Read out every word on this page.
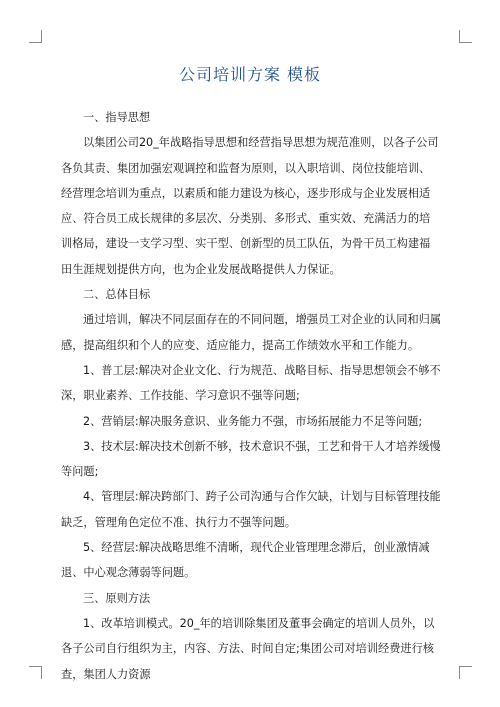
公司培训方案 模板
一、指导思想

以集团公司20_年战略指导思想和经营指导思想为规范准则，以各子公司各负其责、集团加强宏观调控和监督为原则，以入职培训、岗位技能培训、经营理念培训为重点，以素质和能力建设为核心，逐步形成与企业发展相适应、符合员工成长规律的多层次、分类别、多形式、重实效、充满活力的培训格局，建设一支学习型、实干型、创新型的员工队伍，为骨干员工构建福田生涯规划提供方向，也为企业发展战略提供人力保证。

二、总体目标

通过培训，解决不同层面存在的不同问题，增强员工对企业的认同和归属感，提高组织和个人的应变、适应能力，提高工作绩效水平和工作能力。

1、普工层:解决对企业文化、行为规范、战略目标、指导思想领会不够不深，职业素养、工作技能、学习意识不强等问题;

2、营销层:解决服务意识、业务能力不强，市场拓展能力不足等问题;

3、技术层:解决技术创新不够，技术意识不强，工艺和骨干人才培养缓慢等问题;

4、管理层:解决跨部门、跨子公司沟通与合作欠缺，计划与目标管理技能缺乏，管理角色定位不准、执行力不强等问题。

5、经营层:解决战略思维不清晰，现代企业管理理念滞后，创业激情减退、中心观念薄弱等问题。

三、原则方法

1、改革培训模式。20_年的培训除集团及董事会确定的培训人员外，以各子公司自行组织为主，内容、方法、时间自定;集团公司对培训经费进行核查，集团人力资源
